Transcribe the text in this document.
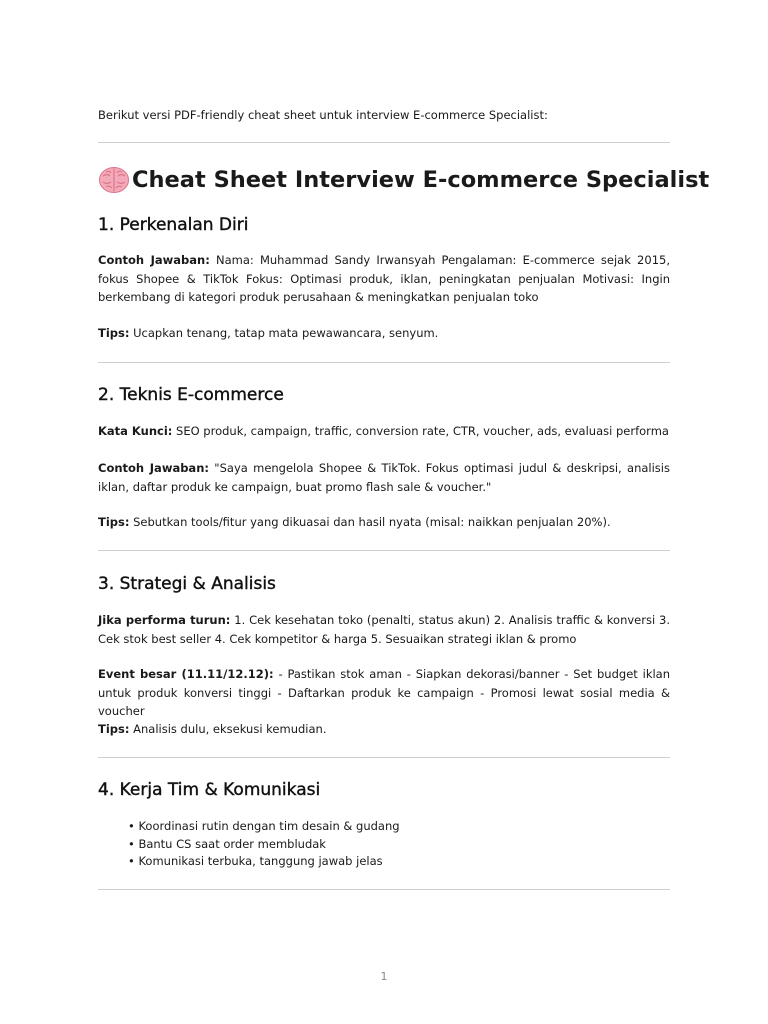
Berikut versi PDF-friendly cheat sheet untuk interview E-commerce Specialist:

Cheat Sheet Interview E-commerce Specialist
1. Perkenalan Diri

Contoh Jawaban: Nama: Muhammad Sandy Irwansyah Pengalaman: E-commerce sejak 2015, fokus Shopee & TikTok Fokus: Optimasi produk, iklan, peningkatan penjualan Motivasi: Ingin berkembang di kategori produk perusahaan & meningkatkan penjualan toko

Tips: Ucapkan tenang, tatap mata pewawancara, senyum.

2. Teknis E-commerce

Kata Kunci: SEO produk, campaign, traffic, conversion rate, CTR, voucher, ads, evaluasi performa

Contoh Jawaban: "Saya mengelola Shopee & TikTok. Fokus optimasi judul & deskripsi, analisis iklan, daftar produk ke campaign, buat promo flash sale & voucher."

Tips: Sebutkan tools/fitur yang dikuasai dan hasil nyata (misal: naikkan penjualan 20%).

3. Strategi & Analisis

Jika performa turun: 1. Cek kesehatan toko (penalti, status akun) 2. Analisis traffic & konversi 3. Cek stok best seller 4. Cek kompetitor & harga 5. Sesuaikan strategi iklan & promo

Event besar (11.11/12.12): - Pastikan stok aman - Siapkan dekorasi/banner - Set budget iklan untuk produk konversi tinggi - Daftarkan produk ke campaign - Promosi lewat sosial media & voucher

Tips: Analisis dulu, eksekusi kemudian.

4. Kerja Tim & Komunikasi
• Koordinasi rutin dengan tim desain & gudang
• Bantu CS saat order membludak
• Komunikasi terbuka, tanggung jawab jelas
1
